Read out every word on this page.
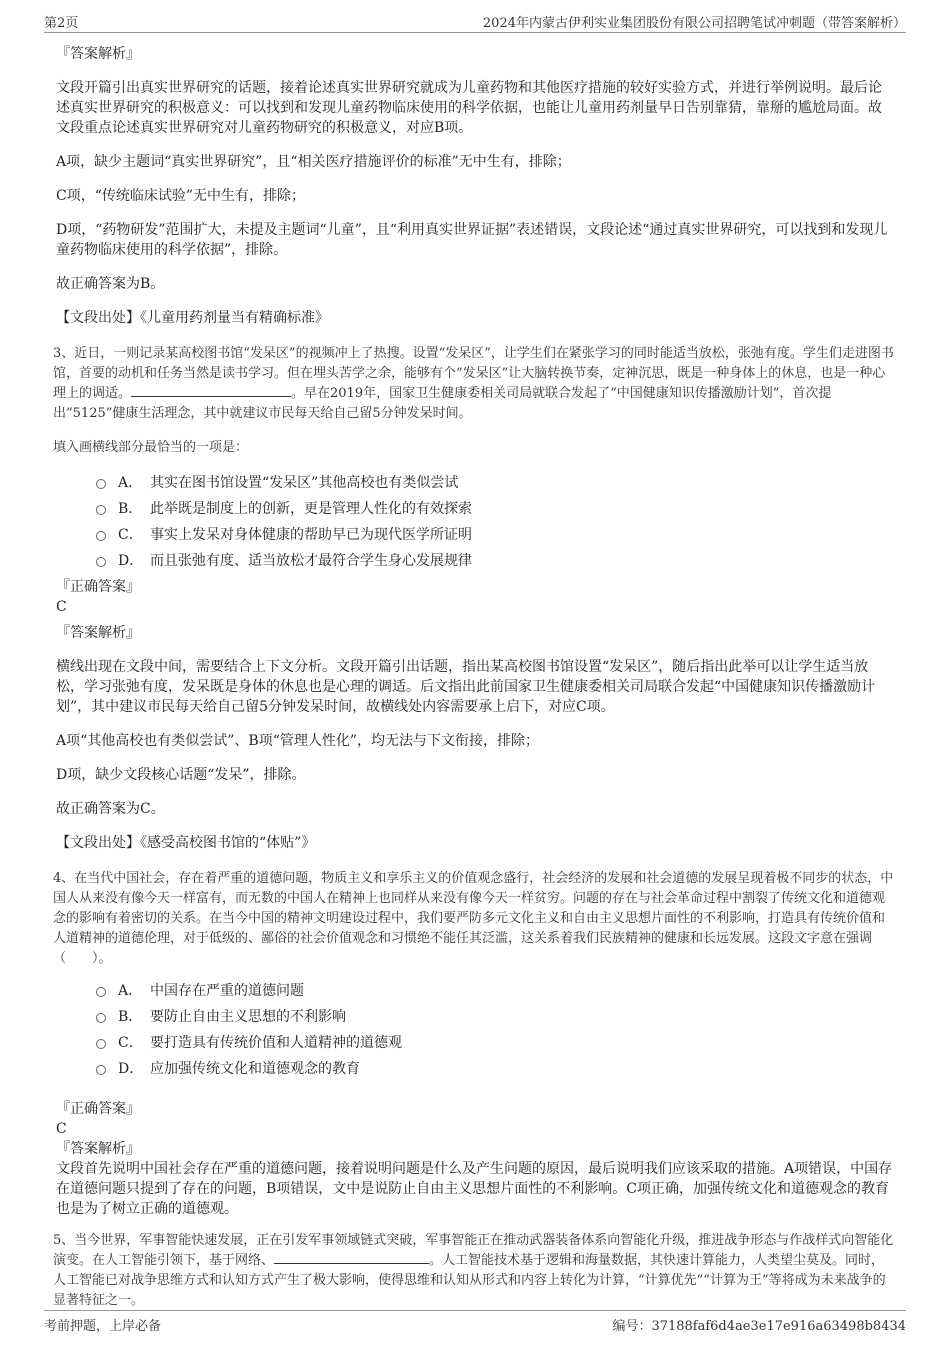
第2页	2024年内蒙古伊利实业集团股份有限公司招聘笔试冲刺题（带答案解析）
『答案解析』

文段开篇引出真实世界研究的话题，接着论述真实世界研究就成为儿童药物和其他医疗措施的较好实验方式，并进行举例说明。最后论述真实世界研究的积极意义：可以找到和发现儿童药物临床使用的科学依据，也能让儿童用药剂量早日告别靠猜，靠掰的尴尬局面。故文段重点论述真实世界研究对儿童药物研究的积极意义，对应B项。

A项，缺少主题词“真实世界研究”，且“相关医疗措施评价的标准”无中生有，排除；

C项，“传统临床试验”无中生有，排除；

D项，“药物研发”范围扩大，未提及主题词“儿童”，且“利用真实世界证据”表述错误，文段论述“通过真实世界研究，可以找到和发现儿童药物临床使用的科学依据”，排除。

故正确答案为B。

【文段出处】《儿童用药剂量当有精确标准》
3、近日，一则记录某高校图书馆“发呆区”的视频冲上了热搜。设置“发呆区”，让学生们在紧张学习的同时能适当放松，张弛有度。学生们走进图书馆，首要的动机和任务当然是读书学习。但在埋头苦学之余，能够有个“发呆区”让大脑转换节奏，定神沉思，既是一种身体上的休息，也是一种心理上的调适。	。早在2019年，国家卫生健康委相关司局就联合发起了“中国健康知识传播激励计划”，首次提出“5125”健康生活理念，其中就建议市民每天给自己留5分钟发呆时间。
填入画横线部分最恰当的一项是：
A． 其实在图书馆设置“发呆区”其他高校也有类似尝试
B． 此举既是制度上的创新，更是管理人性化的有效探索
C． 事实上发呆对身体健康的帮助早已为现代医学所证明
D． 而且张弛有度、适当放松才最符合学生身心发展规律
『正确答案』
C
『答案解析』

横线出现在文段中间，需要结合上下文分析。文段开篇引出话题，指出某高校图书馆设置“发呆区”，随后指出此举可以让学生适当放松，学习张弛有度，发呆既是身体的休息也是心理的调适。后文指出此前国家卫生健康委相关司局联合发起“中国健康知识传播激励计划”，其中建议市民每天给自己留5分钟发呆时间，故横线处内容需要承上启下，对应C项。

A项“其他高校也有类似尝试”、B项“管理人性化”，均无法与下文衔接，排除；

D项，缺少文段核心话题“发呆”，排除。

故正确答案为C。

【文段出处】《感受高校图书馆的“体贴”》
4、在当代中国社会，存在着严重的道德问题，物质主义和享乐主义的价值观念盛行，社会经济的发展和社会道德的发展呈现着极不同步的状态，中国人从来没有像今天一样富有，而无数的中国人在精神上也同样从来没有像今天一样贫穷。问题的存在与社会革命过程中割裂了传统文化和道德观念的影响有着密切的关系。在当今中国的精神文明建设过程中，我们要严防多元文化主义和自由主义思想片面性的不利影响，打造具有传统价值和人道精神的道德伦理，对于低级的、鄙俗的社会价值观念和习惯绝不能任其泛滥，这关系着我们民族精神的健康和长远发展。这段文字意在强调（　　）。
A． 中国存在严重的道德问题
B． 要防止自由主义思想的不利影响
C． 要打造具有传统价值和人道精神的道德观
D． 应加强传统文化和道德观念的教育
『正确答案』
C
『答案解析』

文段首先说明中国社会存在严重的道德问题，接着说明问题是什么及产生问题的原因，最后说明我们应该采取的措施。A项错误，中国存在道德问题只提到了存在的问题，B项错误，文中是说防止自由主义思想片面性的不利影响。C项正确，加强传统文化和道德观念的教育也是为了树立正确的道德观。

5、当今世界，军事智能快速发展，正在引发军事领域链式突破，军事智能正在推动武器装备体系向智能化升级，推进战争形态与作战样式向智能化演变。在人工智能引领下，基于网络、	。人工智能技术基于逻辑和海量数据，其快速计算能力，人类望尘莫及。同时，人工智能已对战争思维方式和认知方式产生了极大影响，使得思维和认知从形式和内容上转化为计算，“计算优先”“计算为王”等将成为未来战争的显著特征之一。
考前押题，上岸必备	编号：37188faf6d4ae3e17e916a63498b8434
